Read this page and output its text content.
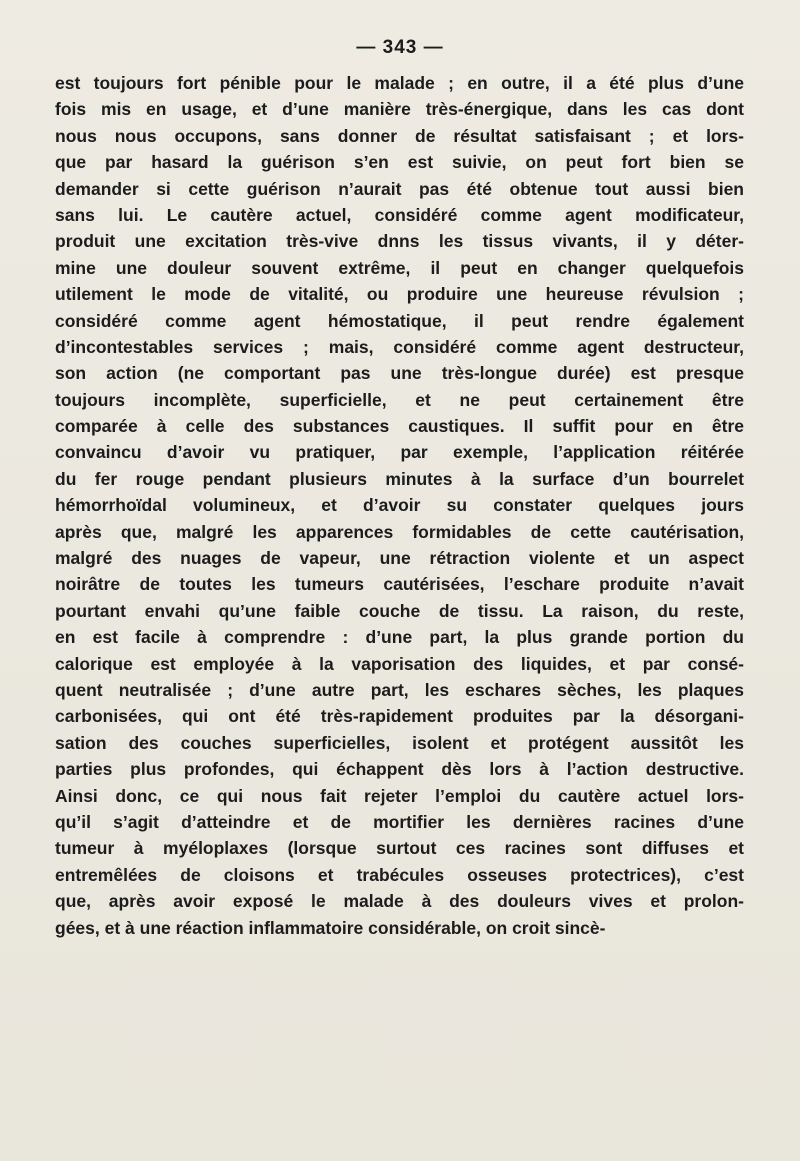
— 343 —

est toujours fort pénible pour le malade ; en outre, il a été plus d’une
fois mis en usage, et d’une manière très-énergique, dans les cas dont
nous nous occupons, sans donner de résultat satisfaisant ; et lors-
que par hasard la guérison s’en est suivie, on peut fort bien se
demander si cette guérison n’aurait pas été obtenue tout aussi bien
sans lui. Le cautère actuel, considéré comme agent modificateur,
produit une excitation très-vive dnns les tissus vivants, il y déter-
mine une douleur souvent extrême, il peut en changer quelquefois
utilement le mode de vitalité, ou produire une heureuse révulsion ;
considéré comme agent hémostatique, il peut rendre également
d’incontestables services ; mais, considéré comme agent destructeur,
son action (ne comportant pas une très-longue durée) est presque
toujours incomplète, superficielle, et ne peut certainement être
comparée à celle des substances caustiques. Il suffit pour en être
convaincu d’avoir vu pratiquer, par exemple, l’application réitérée
du fer rouge pendant plusieurs minutes à la surface d’un bourrelet
hémorrhoïdal volumineux, et d’avoir su constater quelques jours
après que, malgré les apparences formidables de cette cautérisation,
malgré des nuages de vapeur, une rétraction violente et un aspect
noirâtre de toutes les tumeurs cautérisées, l’eschare produite n’avait
pourtant envahi qu’une faible couche de tissu. La raison, du reste,
en est facile à comprendre : d’une part, la plus grande portion du
calorique est employée à la vaporisation des liquides, et par consé-
quent neutralisée ; d’une autre part, les eschares sèches, les plaques
carbonisées, qui ont été très-rapidement produites par la désorgani-
sation des couches superficielles, isolent et protégent aussitôt les
parties plus profondes, qui échappent dès lors à l’action destructive.
Ainsi donc, ce qui nous fait rejeter l’emploi du cautère actuel lors-
qu’il s’agit d’atteindre et de mortifier les dernières racines d’une
tumeur à myéloplaxes (lorsque surtout ces racines sont diffuses et
entremêlées de cloisons et trabécules osseuses protectrices), c’est
que, après avoir exposé le malade à des douleurs vives et prolon-
gées, et à une réaction inflammatoire considérable, on croit sincè-
